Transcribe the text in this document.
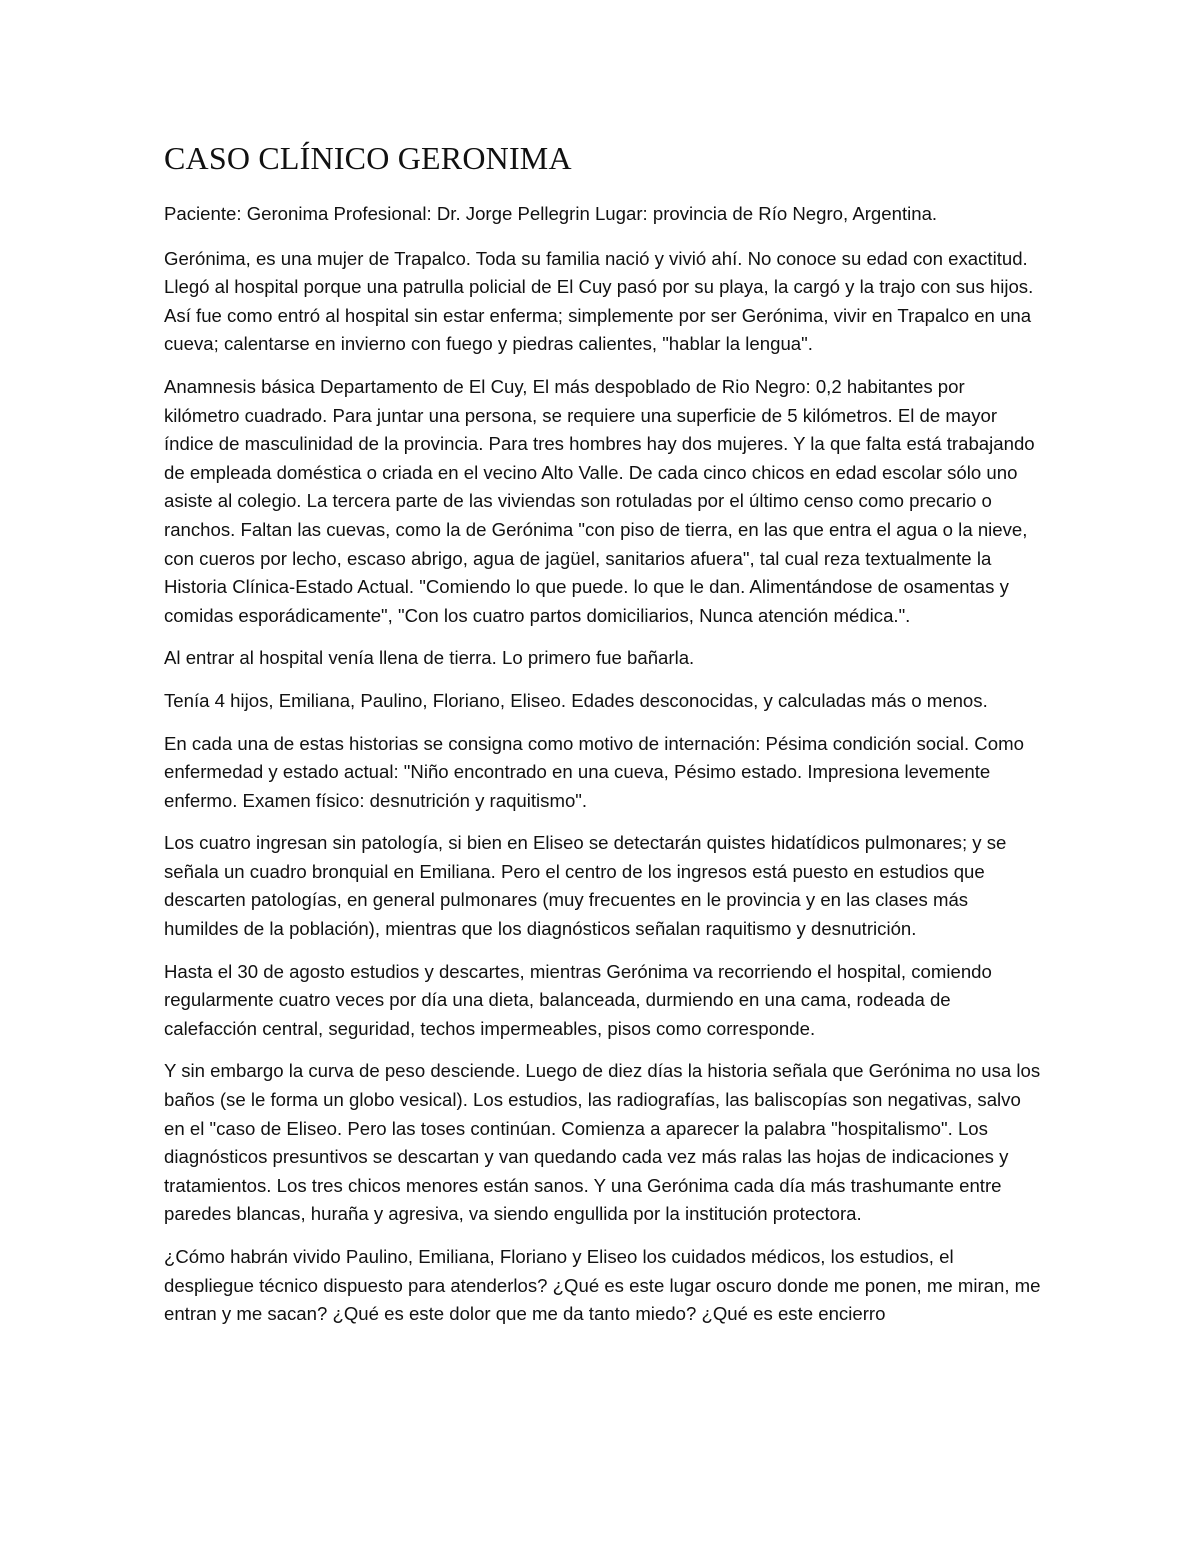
CASO CLÍNICO GERONIMA

Paciente: Geronima Profesional: Dr. Jorge Pellegrin Lugar: provincia de Río Negro, Argentina.

Gerónima, es una mujer de Trapalco. Toda su familia nació y vivió ahí. No conoce su edad con exactitud. Llegó al hospital porque una patrulla policial de El Cuy pasó por su playa, la cargó y la trajo con sus hijos. Así fue como entró al hospital sin estar enferma; simplemente por ser Gerónima, vivir en Trapalco en una cueva; calentarse en invierno con fuego y piedras calientes, "hablar la lengua".

Anamnesis básica Departamento de El Cuy, El más despoblado de Rio Negro: 0,2 habitantes por kilómetro cuadrado. Para juntar una persona, se requiere una superficie de 5 kilómetros. El de mayor índice de masculinidad de la provincia. Para tres hombres hay dos mujeres. Y la que falta está trabajando de empleada doméstica o criada en el vecino Alto Valle. De cada cinco chicos en edad escolar sólo uno asiste al colegio. La tercera parte de las viviendas son rotuladas por el último censo como precario o ranchos. Faltan las cuevas, como la de Gerónima "con piso de tierra, en las que entra el agua o la nieve, con cueros por lecho, escaso abrigo, agua de jagüel, sanitarios afuera", tal cual reza textualmente la Historia Clínica-Estado Actual. "Comiendo lo que puede. lo que le dan. Alimentándose de osamentas y comidas esporádicamente", "Con los cuatro partos domiciliarios, Nunca atención médica.".

Al entrar al hospital venía llena de tierra. Lo primero fue bañarla.

Tenía 4 hijos, Emiliana, Paulino, Floriano, Eliseo. Edades desconocidas, y calculadas más o menos.

En cada una de estas historias se consigna como motivo de internación: Pésima condición social. Como enfermedad y estado actual: "Niño encontrado en una cueva, Pésimo estado. Impresiona levemente enfermo. Examen físico: desnutrición y raquitismo".

Los cuatro ingresan sin patología, si bien en Eliseo se detectarán quistes hidatídicos pulmonares; y se señala un cuadro bronquial en Emiliana. Pero el centro de los ingresos está puesto en estudios que descarten patologías, en general pulmonares (muy frecuentes en le provincia y en las clases más humildes de la población), mientras que los diagnósticos señalan raquitismo y desnutrición.

Hasta el 30 de agosto estudios y descartes, mientras Gerónima va recorriendo el hospital, comiendo regularmente cuatro veces por día una dieta, balanceada, durmiendo en una cama, rodeada de calefacción central, seguridad, techos impermeables, pisos como corresponde.

Y sin embargo la curva de peso desciende. Luego de diez días la historia señala que Gerónima no usa los baños (se le forma un globo vesical). Los estudios, las radiografías, las baliscopías son negativas, salvo en el "caso de Eliseo. Pero las toses continúan. Comienza a aparecer la palabra "hospitalismo". Los diagnósticos presuntivos se descartan y van quedando cada vez más ralas las hojas de indicaciones y tratamientos. Los tres chicos menores están sanos. Y una Gerónima cada día más trashumante entre paredes blancas, huraña y agresiva, va siendo engullida por la institución protectora.

¿Cómo habrán vivido Paulino, Emiliana, Floriano y Eliseo los cuidados médicos, los estudios, el despliegue técnico dispuesto para atenderlos? ¿Qué es este lugar oscuro donde me ponen, me miran, me entran y me sacan? ¿Qué es este dolor que me da tanto miedo? ¿Qué es este encierro
